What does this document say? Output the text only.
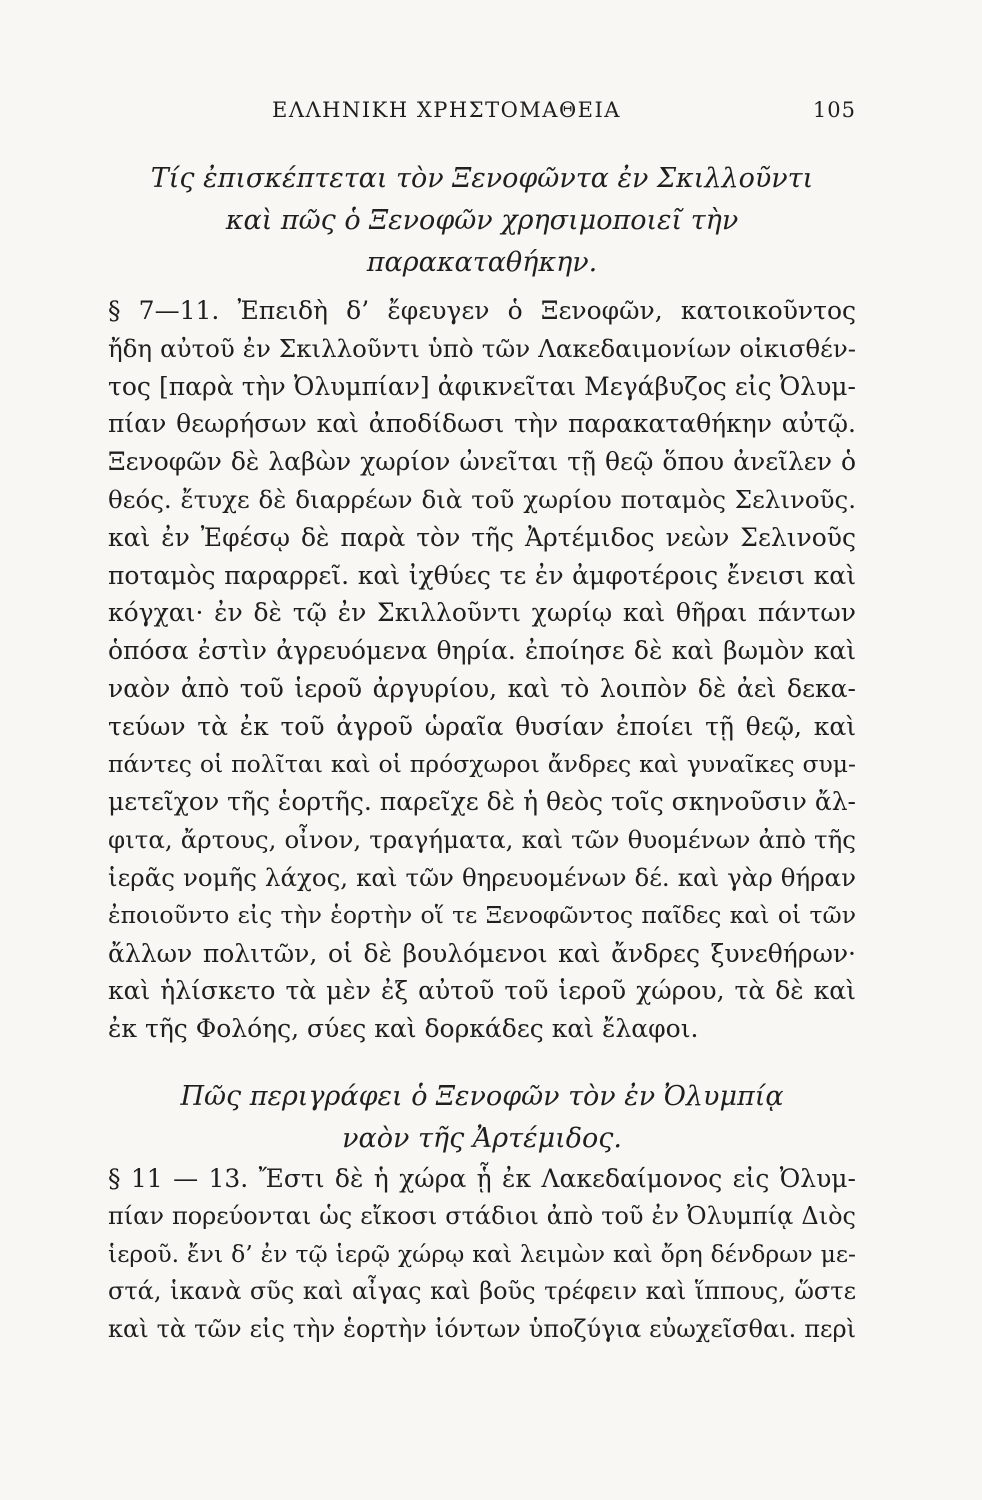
ΕΛΛΗΝΙΚΗ ΧΡΗΣΤΟΜΑΘΕΙΑ	105
Τίς ἐπισκέπτεται τὸν Ξενοφῶντα ἐν Σκιλλοῦντι
καὶ πῶς ὁ Ξενοφῶν χρησιμοποιεῖ τὴν
παρακαταθήκην.
§ 7—11. Ἐπειδὴ δ’ ἔφευγεν ὁ Ξενοφῶν, κατοικοῦντος
ἤδη αὐτοῦ ἐν Σκιλλοῦντι ὑπὸ τῶν Λακεδαιμονίων οἰκισθέν-
τος [παρὰ τὴν Ὀλυμπίαν] ἀφικνεῖται Μεγάβυζος εἰς Ὀλυμ-
πίαν θεωρήσων καὶ ἀποδίδωσι τὴν παρακαταθήκην αὐτῷ.
Ξενοφῶν δὲ λαβὼν χωρίον ὠνεῖται τῇ θεῷ ὅπου ἀνεῖλεν ὁ
θεός. ἔτυχε δὲ διαρρέων διὰ τοῦ χωρίου ποταμὸς Σελινοῦς.
καὶ ἐν Ἐφέσῳ δὲ παρὰ τὸν τῆς Ἀρτέμιδος νεὼν Σελινοῦς
ποταμὸς παραρρεῖ. καὶ ἰχθύες τε ἐν ἀμφοτέροις ἔνεισι καὶ
κόγχαι· ἐν δὲ τῷ ἐν Σκιλλοῦντι χωρίῳ καὶ θῆραι πάντων
ὁπόσα ἐστὶν ἀγρευόμενα θηρία. ἐποίησε δὲ καὶ βωμὸν καὶ
ναὸν ἀπὸ τοῦ ἱεροῦ ἀργυρίου, καὶ τὸ λοιπὸν δὲ ἀεὶ δεκα-
τεύων τὰ ἐκ τοῦ ἀγροῦ ὡραῖα θυσίαν ἐποίει τῇ θεῷ, καὶ
πάντες οἱ πολῖται καὶ οἱ πρόσχωροι ἄνδρες καὶ γυναῖκες συμ-
μετεῖχον τῆς ἑορτῆς. παρεῖχε δὲ ἡ θεὸς τοῖς σκηνοῦσιν ἄλ-
φιτα, ἄρτους, οἶνον, τραγήματα, καὶ τῶν θυομένων ἀπὸ τῆς
ἱερᾶς νομῆς λάχος, καὶ τῶν θηρευομένων δέ. καὶ γὰρ θήραν
ἐποιοῦντο εἰς τὴν ἑορτὴν οἵ τε Ξενοφῶντος παῖδες καὶ οἱ τῶν
ἄλλων πολιτῶν, οἱ δὲ βουλόμενοι καὶ ἄνδρες ξυνεθήρων·
καὶ ἡλίσκετο τὰ μὲν ἐξ αὐτοῦ τοῦ ἱεροῦ χώρου, τὰ δὲ καὶ
ἐκ τῆς Φολόης, σύες καὶ δορκάδες καὶ ἔλαφοι.
Πῶς περιγράφει ὁ Ξενοφῶν τὸν ἐν Ὀλυμπίᾳ
ναὸν τῆς Ἀρτέμιδος.
§ 11 — 13. Ἔστι δὲ ἡ χώρα ᾗ ἐκ Λακεδαίμονος εἰς Ὀλυμ-
πίαν πορεύονται ὡς εἴκοσι στάδιοι ἀπὸ τοῦ ἐν Ὀλυμπίᾳ Διὸς
ἱεροῦ. ἔνι δ’ ἐν τῷ ἱερῷ χώρῳ καὶ λειμὼν καὶ ὄρη δένδρων με-
στά, ἱκανὰ σῦς καὶ αἶγας καὶ βοῦς τρέφειν καὶ ἵππους, ὥστε
καὶ τὰ τῶν εἰς τὴν ἑορτὴν ἰόντων ὑποζύγια εὐωχεῖσθαι. περὶ
